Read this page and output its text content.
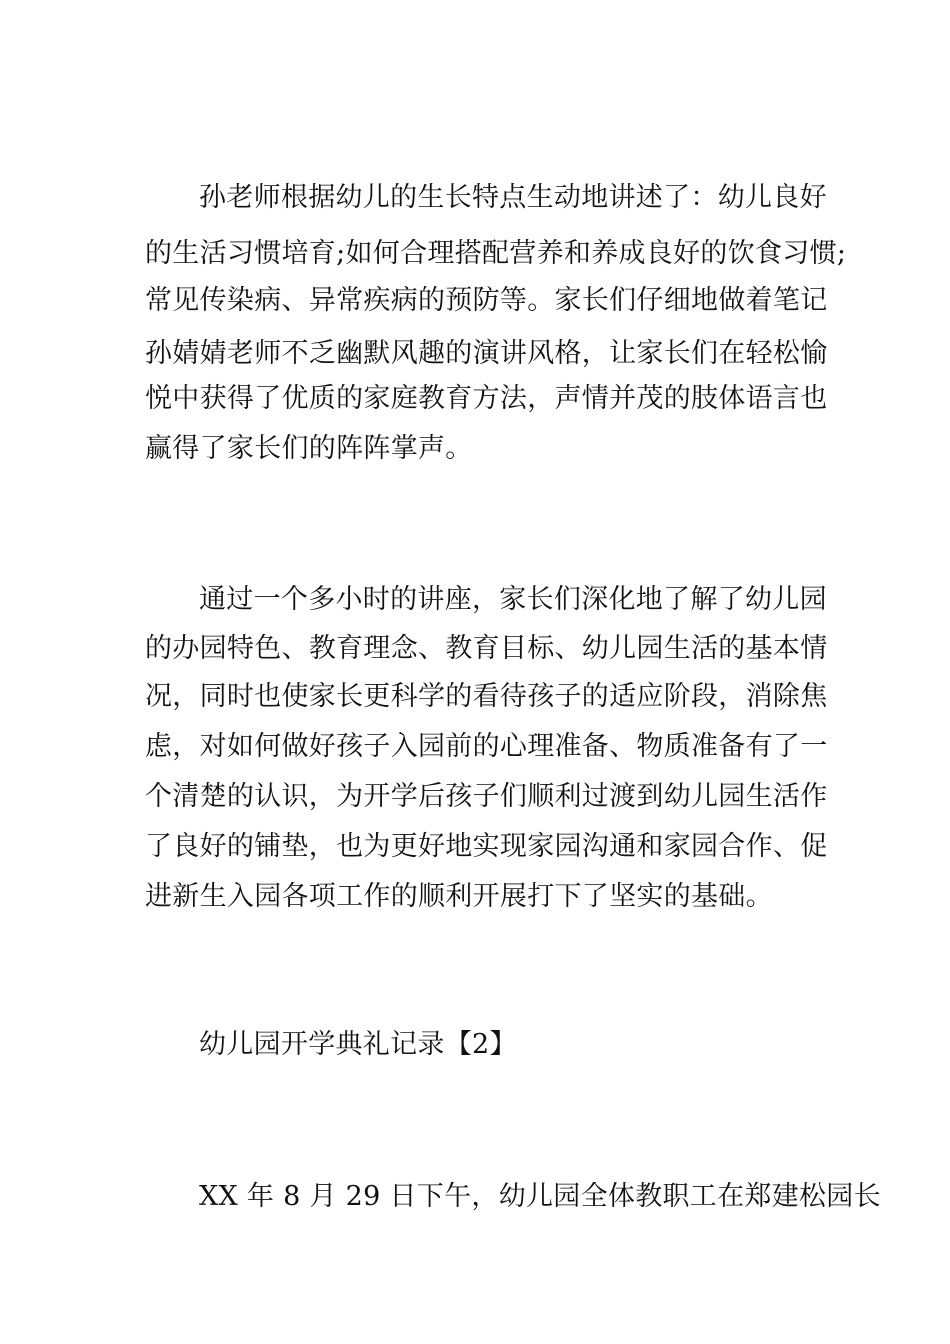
孙老师根据幼儿的生长特点生动地讲述了：幼儿良好
的生活习惯培育;如何合理搭配营养和养成良好的饮食习惯;
常见传染病、异常疾病的预防等。家长们仔细地做着笔记
孙婧婧老师不乏幽默风趣的演讲风格，让家长们在轻松愉
悦中获得了优质的家庭教育方法，声情并茂的肢体语言也
赢得了家长们的阵阵掌声。
通过一个多小时的讲座，家长们深化地了解了幼儿园
的办园特色、教育理念、教育目标、幼儿园生活的基本情
况，同时也使家长更科学的看待孩子的适应阶段，消除焦
虑，对如何做好孩子入园前的心理准备、物质准备有了一
个清楚的认识，为开学后孩子们顺利过渡到幼儿园生活作
了良好的铺垫，也为更好地实现家园沟通和家园合作、促
进新生入园各项工作的顺利开展打下了坚实的基础。
幼儿园开学典礼记录【2】
XX 年 8 月 29 日下午，幼儿园全体教职工在郑建松园长
